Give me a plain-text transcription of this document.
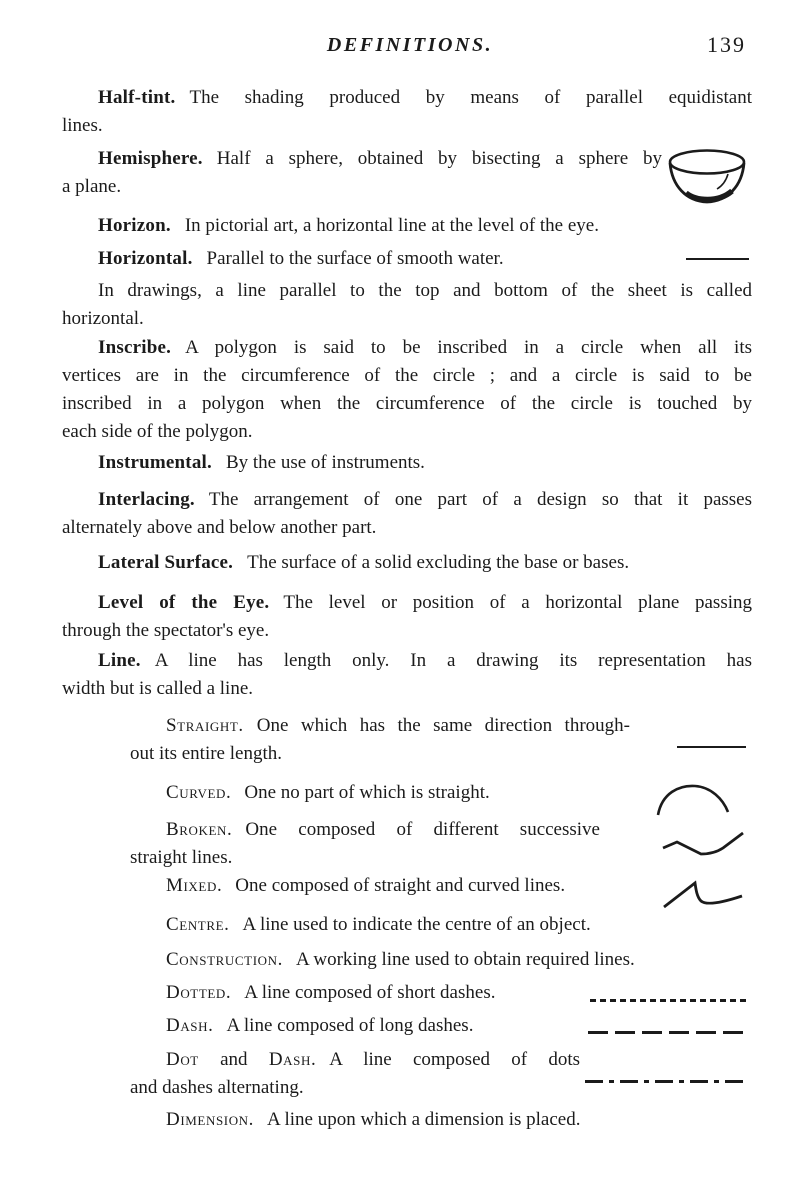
DEFINITIONS.	139
Half-tint. The shading produced by means of parallel equidistant
lines.
Hemisphere. Half a sphere, obtained by bisecting a sphere by
a plane.
Horizon. In pictorial art, a horizontal line at the level of the eye.
Horizontal. Parallel to the surface of smooth water.
In drawings, a line parallel to the top and bottom of the sheet is called
horizontal.
Inscribe. A polygon is said to be inscribed in a circle when all its
vertices are in the circumference of the circle ; and a circle is said to be
inscribed in a polygon when the circumference of the circle is touched by
each side of the polygon.
Instrumental. By the use of instruments.
Interlacing. The arrangement of one part of a design so that it passes
alternately above and below another part.
Lateral Surface. The surface of a solid excluding the base or bases.
Level of the Eye. The level or position of a horizontal plane passing
through the spectator's eye.
Line. A line has length only. In a drawing its representation has
width but is called a line.
Straight. One which has the same direction through-
out its entire length.
Curved. One no part of which is straight.
Broken. One composed of different successive
straight lines.
Mixed. One composed of straight and curved lines.
Centre. A line used to indicate the centre of an object.
Construction. A working line used to obtain required lines.
Dotted. A line composed of short dashes.
Dash. A line composed of long dashes.
Dot and Dash. A line composed of dots
and dashes alternating.
Dimension. A line upon which a dimension is placed.
